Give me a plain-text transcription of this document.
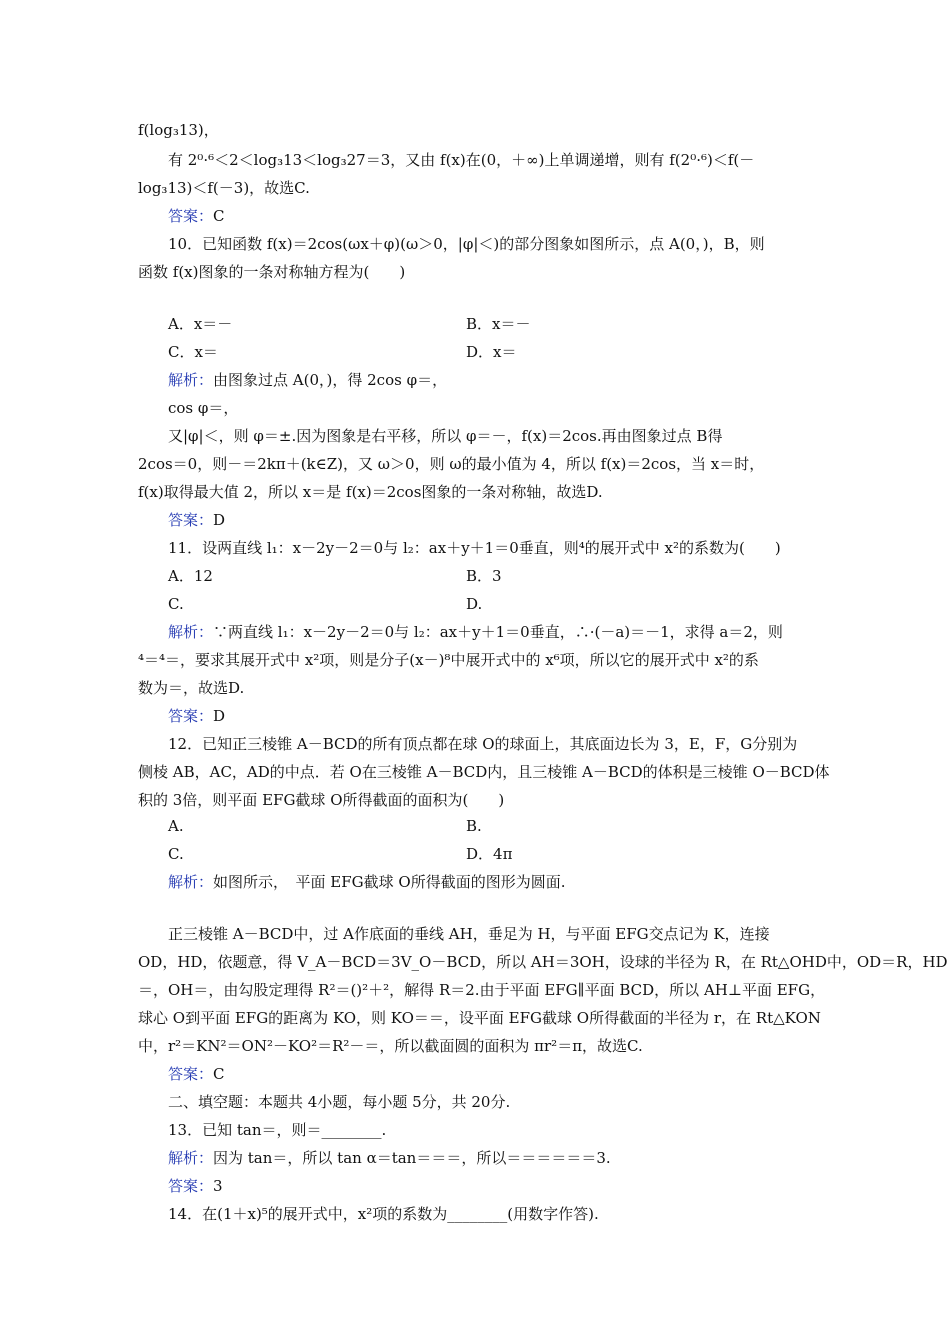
f(log₃13)，
有 2⁰·⁶＜2＜log₃13＜log₃27＝3，又由 f(x)在(0，＋∞)上单调递增，则有 f(2⁰·⁶)＜f(－
log₃13)＜f(－3)，故选C.
10．已知函数 f(x)＝2cos(ωx＋φ)(ω＞0，|φ|＜)的部分图象如图所示，点 A(0，)，B，则
函数 f(x)图象的一条对称轴方程为(　　)
cos φ＝，
又|φ|＜，则 φ＝±.因为图象是右平移，所以 φ＝－，f(x)＝2cos.再由图象过点 B得
2cos＝0，则－＝2kπ＋(k∈Z)，又 ω＞0，则 ω的最小值为 4，所以 f(x)＝2cos，当 x＝时，
f(x)取得最大值 2，所以 x＝是 f(x)＝2cos图象的一条对称轴，故选D.
11．设两直线 l₁：x－2y－2＝0与 l₂：ax＋y＋1＝0垂直，则⁴的展开式中 x²的系数为(　　)
⁴＝⁴＝，要求其展开式中 x²项，则是分子(x－)⁸中展开式中的 x⁶项，所以它的展开式中 x²的系
数为＝，故选D.
12．已知正三棱锥 A－BCD的所有顶点都在球 O的球面上，其底面边长为 3，E，F，G分别为
侧棱 AB，AC，AD的中点．若 O在三棱锥 A－BCD内，且三棱锥 A－BCD的体积是三棱锥 O－BCD体
积的 3倍，则平面 EFG截球 O所得截面的面积为(　　)
正三棱锥 A－BCD中，过 A作底面的垂线 AH，垂足为 H，与平面 EFG交点记为 K，连接
OD，HD，依题意，得 V_A－BCD＝3V_O－BCD，所以 AH＝3OH，设球的半径为 R，在 Rt△OHD中，OD＝R，HD
＝，OH＝，由勾股定理得 R²＝()²＋²，解得 R＝2.由于平面 EFG∥平面 BCD，所以 AH⊥平面 EFG，
球心 O到平面 EFG的距离为 KO，则 KO＝＝，设平面 EFG截球 O所得截面的半径为 r，在 Rt△KON
中，r²＝KN²＝ON²－KO²＝R²－＝，所以截面圆的面积为 πr²＝π，故选C.
二、填空题：本题共 4小题，每小题 5分，共 20分.
13．已知 tan＝，则＝________.
14．在(1＋x)⁵的展开式中，x²项的系数为________(用数字作答).
答案：C
解析：由图象过点 A(0，)，得 2cos φ＝，
答案：D
解析：∵两直线 l₁：x－2y－2＝0与 l₂：ax＋y＋1＝0垂直，∴·(－a)＝－1，求得 a＝2，则
答案：D
解析：如图所示，　平面 EFG截球 O所得截面的图形为圆面.
答案：C
解析：因为 tan＝，所以 tan α＝tan＝＝＝，所以＝＝＝＝＝＝3.
答案：3
A．x＝－	B．x＝－
C．x＝	D．x＝
A．12	B．3
C.	D.
A.	B.
C.	D．4π
